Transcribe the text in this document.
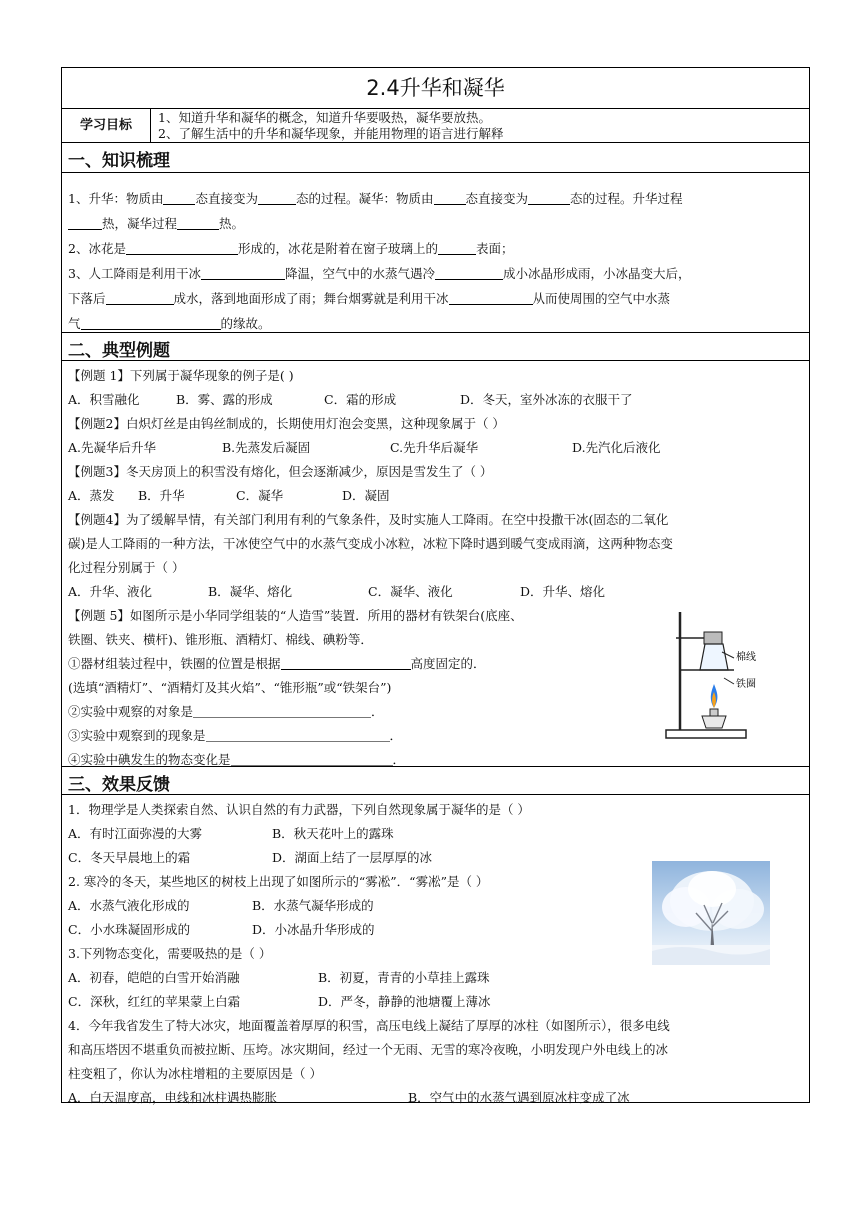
2.4升华和凝华
学习目标
1、知道升华和凝华的概念，知道升华要吸热，凝华要放热。
2、了解生活中的升华和凝华现象，并能用物理的语言进行解释
一、知识梳理
1、升华：物质由	态直接变为	态的过程。凝华：物质由	态直接变为	态的过程。升华过程
热，凝华过程	热。
2、冰花是	形成的，冰花是附着在窗子玻璃上的	表面；
3、人工降雨是利用干冰	降温，空气中的水蒸气遇冷	成小冰晶形成雨，小冰晶变大后，
下落后	成水，落到地面形成了雨；舞台烟雾就是利用干冰	从而使周围的空气中水蒸
气	的缘故。
二、典型例题
【例题 1】下列属于凝华现象的例子是( )
A．积雪融化	B．雾、露的形成	C．霜的形成	D．冬天，室外冰冻的衣服干了
【例题2】白炽灯丝是由钨丝制成的，长期使用灯泡会变黑，这种现象属于（ ）
A.先凝华后升华	B.先蒸发后凝固	C.先升华后凝华	D.先汽化后液化
【例题3】冬天房顶上的积雪没有熔化，但会逐渐减少，原因是雪发生了（ ）
A．蒸发 B．升华	C．凝华	D．凝固
【例题4】为了缓解旱情，有关部门利用有利的气象条件，及时实施人工降雨。在空中投撒干冰(固态的二氧化
碳)是人工降雨的一种方法，干冰使空气中的水蒸气变成小冰粒，冰粒下降时遇到暖气变成雨滴，这两种物态变
化过程分别属于（ ）
A．升华、液化	B．凝华、熔化	C．凝华、液化	D．升华、熔化
【例题 5】如图所示是小华同学组装的“人造雪”装置．所用的器材有铁架台(底座、
铁圈、铁夹、横杆)、锥形瓶、酒精灯、棉线、碘粉等．
①器材组装过程中，铁圈的位置是根据	高度固定的．
(选填“酒精灯”、“酒精灯及其火焰”、“锥形瓶”或“铁架台”)
②实验中观察的对象是	．
③实验中观察到的现象是	．
④实验中碘发生的物态变化是	．
棉线
铁圈
三、效果反馈
1．物理学是人类探索自然、认识自然的有力武器，下列自然现象属于凝华的是（ ）
A．有时江面弥漫的大雾	B．秋天花叶上的露珠
C．冬天早晨地上的霜	D．湖面上结了一层厚厚的冰
2. 寒冷的冬天，某些地区的树枝上出现了如图所示的“雾凇”．“雾凇”是（ ）
A．水蒸气液化形成的	B．水蒸气凝华形成的
C．小水珠凝固形成的	D．小冰晶升华形成的
3.下列物态变化，需要吸热的是（ ）
A．初春，皑皑的白雪开始消融	B．初夏，青青的小草挂上露珠
C．深秋，红红的苹果蒙上白霜	D．严冬，静静的池塘覆上薄冰
4．今年我省发生了特大冰灾，地面覆盖着厚厚的积雪，高压电线上凝结了厚厚的冰柱（如图所示），很多电线
和高压塔因不堪重负而被拉断、压垮。冰灾期间，经过一个无雨、无雪的寒冷夜晚，小明发现户外电线上的冰
柱变粗了，你认为冰柱增粗的主要原因是（ ）
A．白天温度高，电线和冰柱遇热膨胀	B．空气中的水蒸气遇到原冰柱变成了冰
